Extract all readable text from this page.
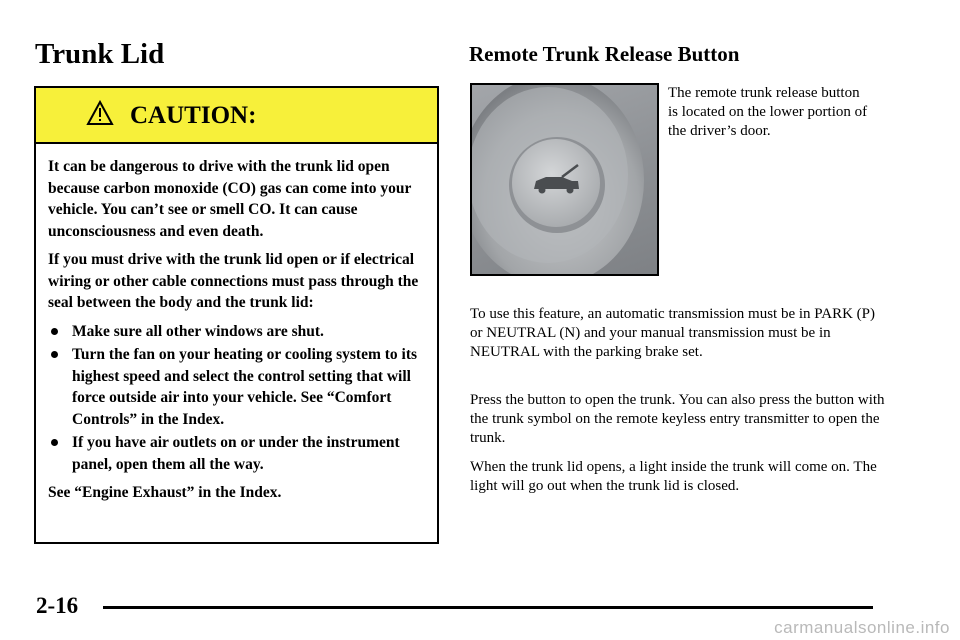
Trunk Lid
CAUTION:

It can be dangerous to drive with the trunk lid open because carbon monoxide (CO) gas can come into your vehicle. You can’t see or smell CO. It can cause unconsciousness and even death.

If you must drive with the trunk lid open or if electrical wiring or other cable connections must pass through the seal between the body and the trunk lid:

Make sure all other windows are shut.
Turn the fan on your heating or cooling system to its highest speed and select the control setting that will force outside air into your vehicle. See “Comfort Controls” in the Index.
If you have air outlets on or under the instrument panel, open them all the way.

See “Engine Exhaust” in the Index.

Remote Trunk Release Button

The remote trunk release button is located on the lower portion of the driver’s door.

To use this feature, an automatic transmission must be in PARK (P) or NEUTRAL (N) and your manual transmission must be in NEUTRAL with the parking brake set.

Press the button to open the trunk. You can also press the button with the trunk symbol on the remote keyless entry transmitter to open the trunk.

When the trunk lid opens, a light inside the trunk will come on. The light will go out when the trunk lid is closed.

2-16
carmanualsonline.info
